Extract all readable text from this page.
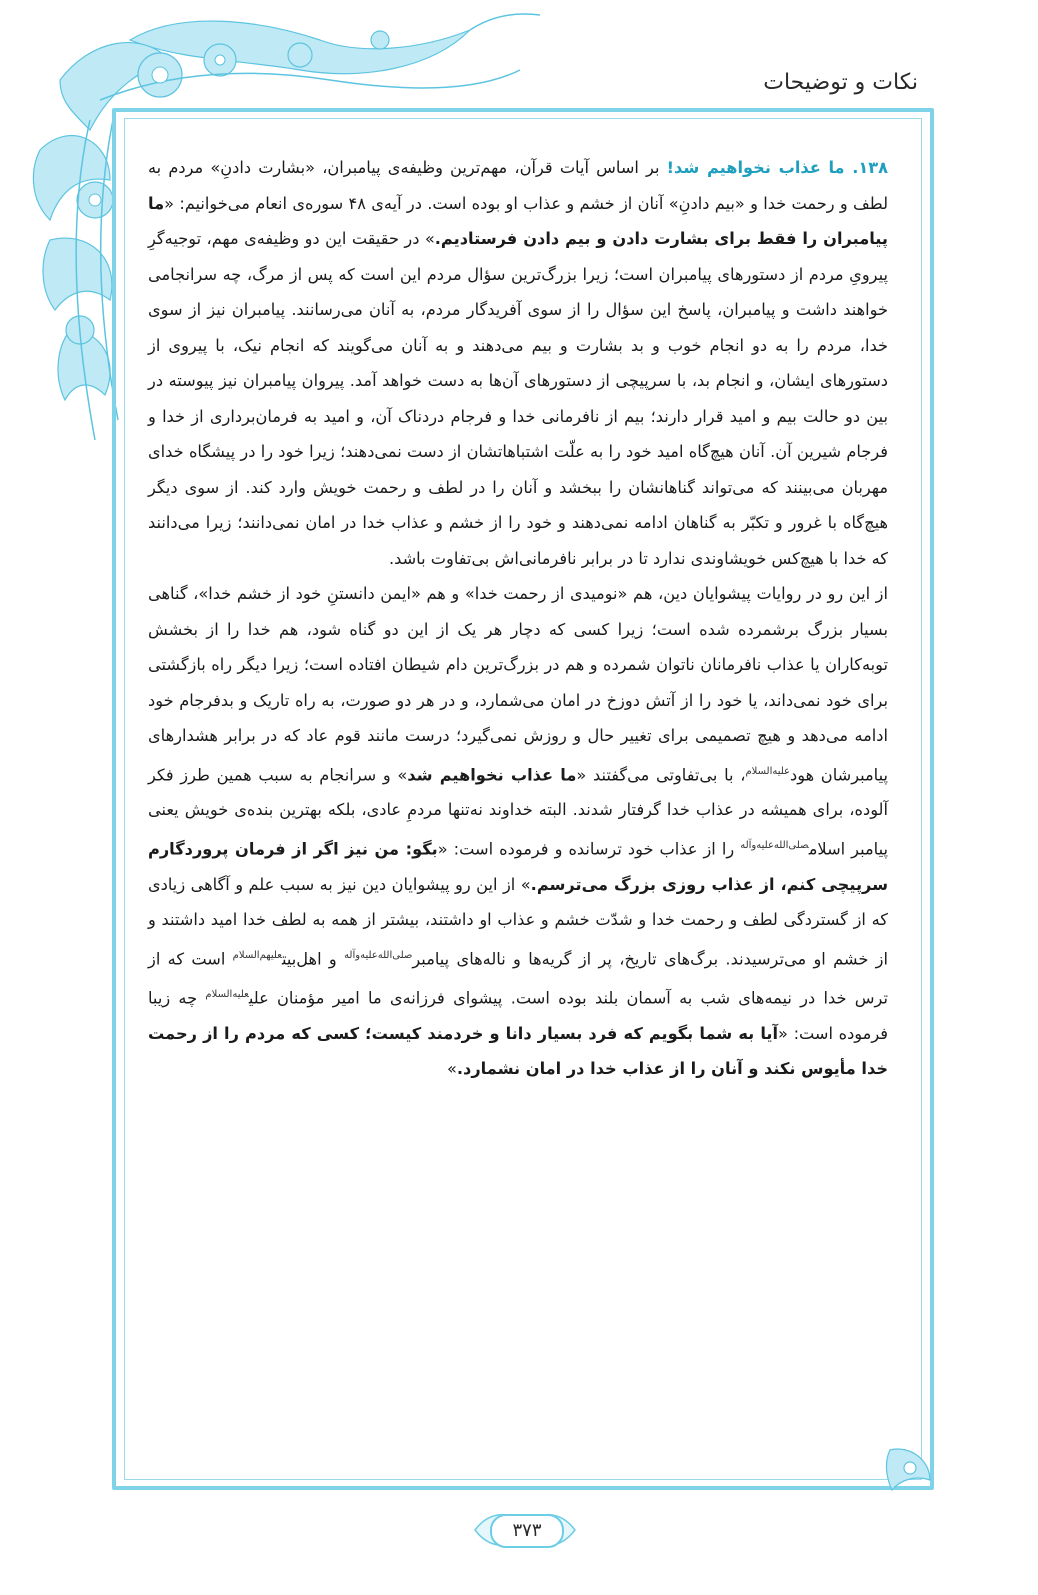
نکات و توضیحات

۱۳۸. ما عذاب نخواهیم شد! بر اساس آیات قرآن، مهم‌ترین وظیفه‌ی پیامبران، «بشارت دادنِ» مردم به لطف و رحمت خدا و «بیم دادنِ» آنان از خشم و عذاب او بوده است. در آیه‌ی ۴۸ سوره‌ی انعام می‌خوانیم: «ما پیامبران را فقط برای بشارت دادن و بیم دادن فرستادیم.» در حقیقت این دو وظیفه‌ی مهم، توجیه‌گرِ پیرویِ مردم از دستورهای پیامبران است؛ زیرا بزرگ‌ترین سؤال مردم این است که پس از مرگ، چه سرانجامی خواهند داشت و پیامبران، پاسخ این سؤال را از سوی آفریدگار مردم، به آنان می‌رسانند. پیامبران نیز از سوی خدا، مردم را به دو انجام خوب و بد بشارت و بیم می‌دهند و به آنان می‌گویند که انجام نیک، با پیروی از دستورهای ایشان، و انجام بد، با سرپیچی از دستورهای آن‌ها به دست خواهد آمد. پیروان پیامبران نیز پیوسته در بین دو حالت بیم و امید قرار دارند؛ بیم از نافرمانی خدا و فرجام دردناک آن، و امید به فرمان‌برداری از خدا و فرجام شیرین آن. آنان هیچ‌گاه امید خود را به علّت اشتباهاتشان از دست نمی‌دهند؛ زیرا خود را در پیشگاه خدای مهربان می‌بینند که می‌تواند گناهانشان را ببخشد و آنان را در لطف و رحمت خویش وارد کند. از سوی دیگر هیچ‌گاه با غرور و تکبّر به گناهان ادامه نمی‌دهند و خود را از خشم و عذاب خدا در امان نمی‌دانند؛ زیرا می‌دانند که خدا با هیچ‌کس خویشاوندی ندارد تا در برابر نافرمانی‌اش بی‌تفاوت باشد.

از این رو در روایات پیشوایان دین، هم «نومیدی از رحمت خدا» و هم «ایمن دانستنِ خود از خشم خدا»، گناهی بسیار بزرگ برشمرده شده است؛ زیرا کسی که دچار هر یک از این دو گناه شود، هم خدا را از بخشش توبه‌کاران یا عذاب نافرمانان ناتوان شمرده و هم در بزرگ‌ترین دام شیطان افتاده است؛ زیرا دیگر راه بازگشتی برای خود نمی‌داند، یا خود را از آتش دوزخ در امان می‌شمارد، و در هر دو صورت، به راه تاریک و بدفرجام خود ادامه می‌دهد و هیچ تصمیمی برای تغییر حال و روزش نمی‌گیرد؛ درست مانند قوم عاد که در برابر هشدارهای پیامبرشان هود$^{علیه‌السلام}$، با بی‌تفاوتی می‌گفتند «ما عذاب نخواهیم شد» و سرانجام به سبب همین طرز فکر آلوده، برای همیشه در عذاب خدا گرفتار شدند. البته خداوند نه‌تنها مردمِ عادی، بلکه بهترین بنده‌ی خویش یعنی پیامبر اسلام$^{صلی‌الله‌علیه‌وآله}$ را از عذاب خود ترسانده و فرموده است: «بگو: من نیز اگر از فرمان پروردگارم سرپیچی کنم، از عذاب روزی بزرگ می‌ترسم.» از این رو پیشوایان دین نیز به سبب علم و آگاهی زیادی که از گستردگی لطف و رحمت خدا و شدّت خشم و عذاب او داشتند، بیشتر از همه به لطف خدا امید داشتند و از خشم او می‌ترسیدند. برگ‌های تاریخ، پر از گریه‌ها و ناله‌های پیامبر$^{صلی‌الله‌علیه‌وآله}$ و اهل‌بیت$^{علیهم‌السلام}$ است که از ترس خدا در نیمه‌های شب به آسمان بلند بوده است. پیشوای فرزانه‌ی ما امیر مؤمنان علی$^{علیه‌السلام}$ چه زیبا فرموده است: «آیا به شما بگویم که فرد بسیار دانا و خردمند کیست؛ کسی که مردم را از رحمت خدا مأیوس نکند و آنان را از عذاب خدا در امان نشمارد.»

۳۷۳
